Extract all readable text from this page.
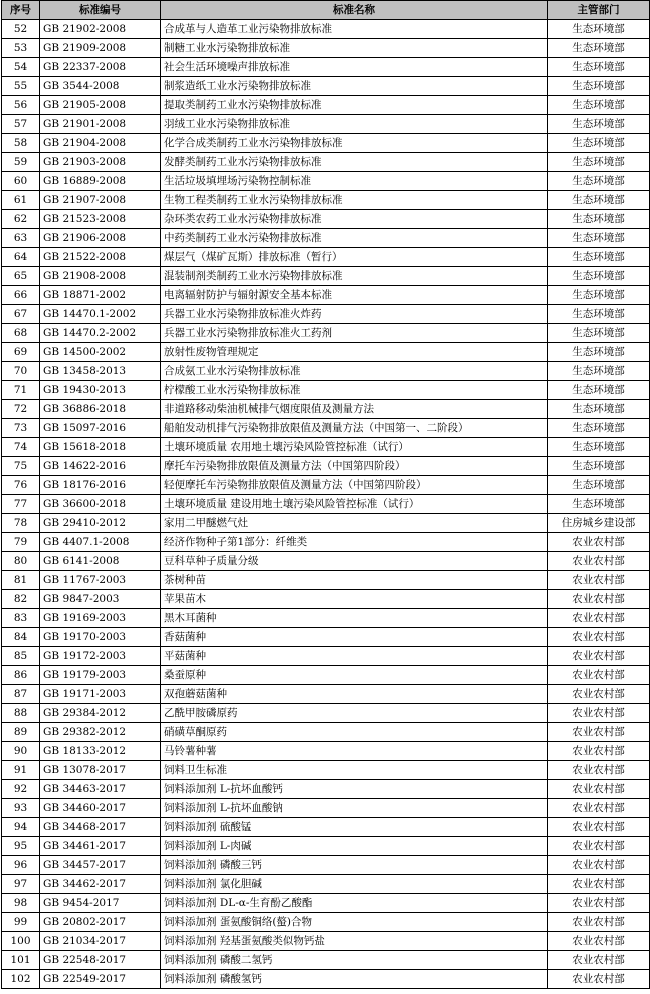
序号	标准编号	标准名称	主管部门
52	GB 21902-2008	合成革与人造革工业污染物排放标准	生态环境部
53	GB 21909-2008	制糖工业水污染物排放标准	生态环境部
54	GB 22337-2008	社会生活环境噪声排放标准	生态环境部
55	GB 3544-2008	制浆造纸工业水污染物排放标准	生态环境部
56	GB 21905-2008	提取类制药工业水污染物排放标准	生态环境部
57	GB 21901-2008	羽绒工业水污染物排放标准	生态环境部
58	GB 21904-2008	化学合成类制药工业水污染物排放标准	生态环境部
59	GB 21903-2008	发酵类制药工业水污染物排放标准	生态环境部
60	GB 16889-2008	生活垃圾填埋场污染物控制标准	生态环境部
61	GB 21907-2008	生物工程类制药工业水污染物排放标准	生态环境部
62	GB 21523-2008	杂环类农药工业水污染物排放标准	生态环境部
63	GB 21906-2008	中药类制药工业水污染物排放标准	生态环境部
64	GB 21522-2008	煤层气（煤矿瓦斯）排放标准（暂行）	生态环境部
65	GB 21908-2008	混装制剂类制药工业水污染物排放标准	生态环境部
66	GB 18871-2002	电离辐射防护与辐射源安全基本标准	生态环境部
67	GB 14470.1-2002	兵器工业水污染物排放标准火炸药	生态环境部
68	GB 14470.2-2002	兵器工业水污染物排放标准火工药剂	生态环境部
69	GB 14500-2002	放射性废物管理规定	生态环境部
70	GB 13458-2013	合成氨工业水污染物排放标准	生态环境部
71	GB 19430-2013	柠檬酸工业水污染物排放标准	生态环境部
72	GB 36886-2018	非道路移动柴油机械排气烟度限值及测量方法	生态环境部
73	GB 15097-2016	船舶发动机排气污染物排放限值及测量方法（中国第一、二阶段）	生态环境部
74	GB 15618-2018	土壤环境质量 农用地土壤污染风险管控标准（试行）	生态环境部
75	GB 14622-2016	摩托车污染物排放限值及测量方法（中国第四阶段）	生态环境部
76	GB 18176-2016	轻便摩托车污染物排放限值及测量方法（中国第四阶段）	生态环境部
77	GB 36600-2018	土壤环境质量 建设用地土壤污染风险管控标准（试行）	生态环境部
78	GB 29410-2012	家用二甲醚燃气灶	住房城乡建设部
79	GB 4407.1-2008	经济作物种子第1部分：纤维类	农业农村部
80	GB 6141-2008	豆科草种子质量分级	农业农村部
81	GB 11767-2003	茶树种苗	农业农村部
82	GB 9847-2003	苹果苗木	农业农村部
83	GB 19169-2003	黑木耳菌种	农业农村部
84	GB 19170-2003	香菇菌种	农业农村部
85	GB 19172-2003	平菇菌种	农业农村部
86	GB 19179-2003	桑蚕原种	农业农村部
87	GB 19171-2003	双孢蘑菇菌种	农业农村部
88	GB 29384-2012	乙酰甲胺磷原药	农业农村部
89	GB 29382-2012	硝磺草酮原药	农业农村部
90	GB 18133-2012	马铃薯种薯	农业农村部
91	GB 13078-2017	饲料卫生标准	农业农村部
92	GB 34463-2017	饲料添加剂 L-抗坏血酸钙	农业农村部
93	GB 34460-2017	饲料添加剂 L-抗坏血酸钠	农业农村部
94	GB 34468-2017	饲料添加剂 硫酸锰	农业农村部
95	GB 34461-2017	饲料添加剂 L-肉碱	农业农村部
96	GB 34457-2017	饲料添加剂 磷酸三钙	农业农村部
97	GB 34462-2017	饲料添加剂 氯化胆碱	农业农村部
98	GB 9454-2017	饲料添加剂 DL-α-生育酚乙酸酯	农业农村部
99	GB 20802-2017	饲料添加剂 蛋氨酸铜络(螯)合物	农业农村部
100	GB 21034-2017	饲料添加剂 羟基蛋氨酸类似物钙盐	农业农村部
101	GB 22548-2017	饲料添加剂 磷酸二氢钙	农业农村部
102	GB 22549-2017	饲料添加剂 磷酸氢钙	农业农村部
